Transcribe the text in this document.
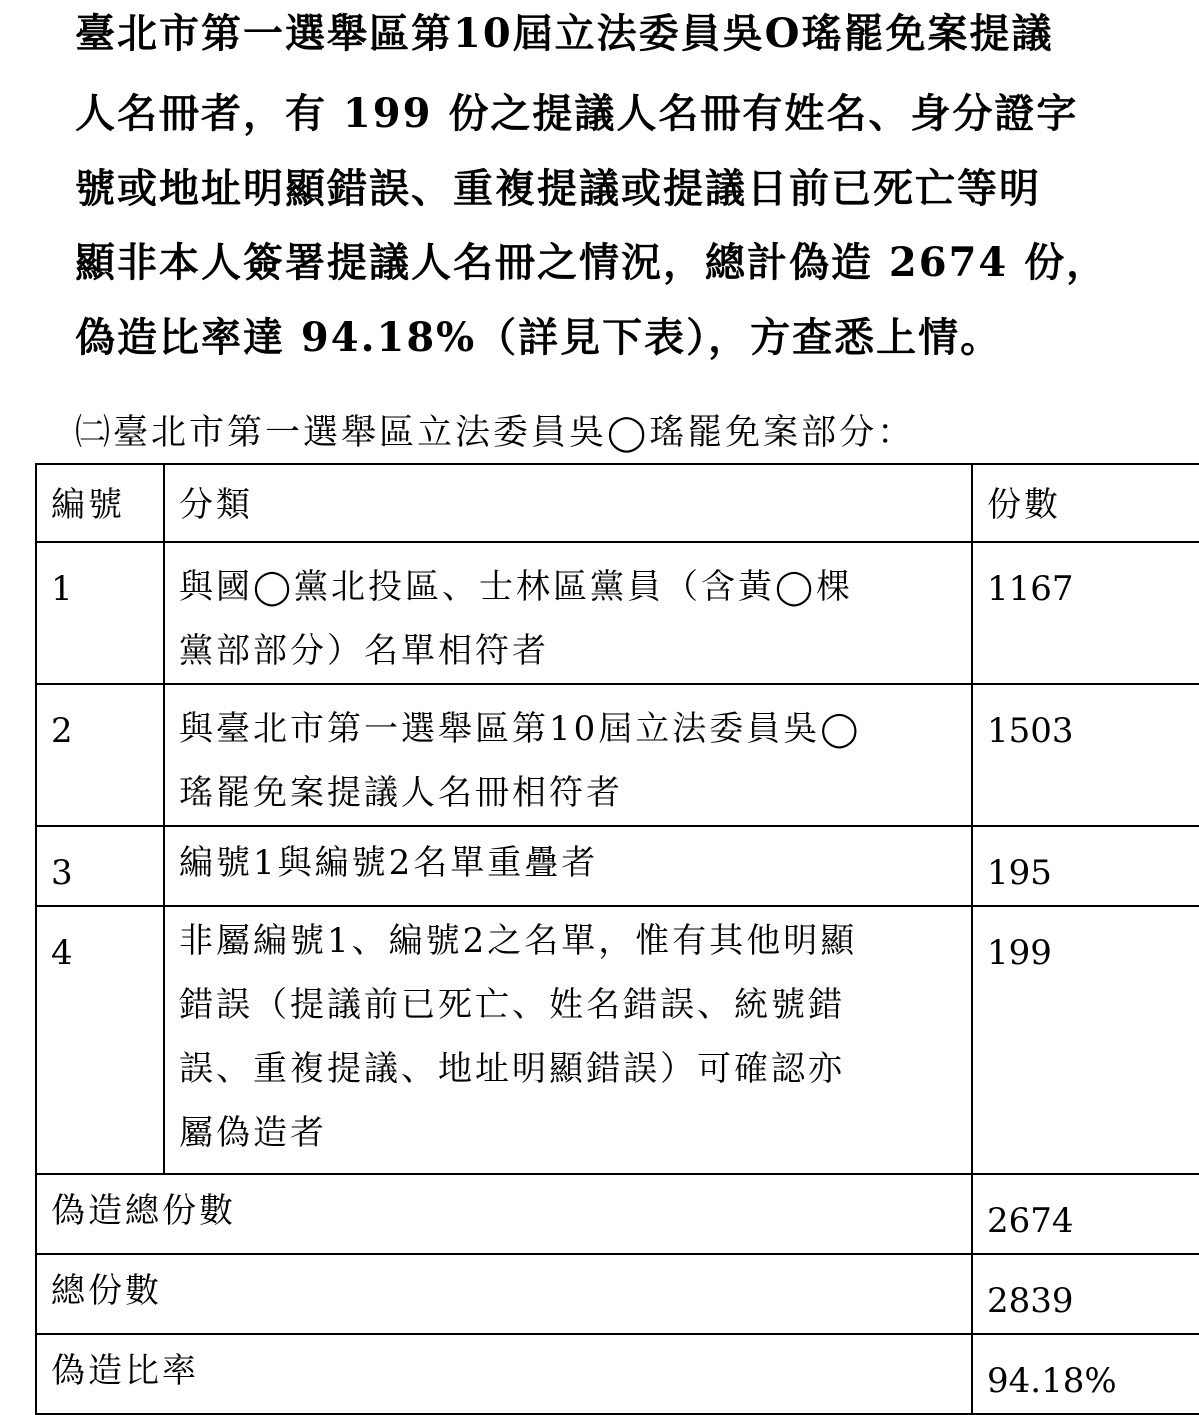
臺北市第一選舉區第10屆立法委員吳O瑤罷免案提議
人名冊者，有 199 份之提議人名冊有姓名、身分證字
號或地址明顯錯誤、重複提議或提議日前已死亡等明
顯非本人簽署提議人名冊之情況，總計偽造 2674 份，
偽造比率達 94.18%（詳見下表），方查悉上情。
㈡臺北市第一選舉區立法委員吳◯瑤罷免案部分：
編號	分類	份數
1	與國◯黨北投區、士林區黨員（含黃◯棵
黨部部分）名單相符者	1167
2	與臺北市第一選舉區第10屆立法委員吳◯
瑤罷免案提議人名冊相符者	1503
3	編號1與編號2名單重疊者	195
4	非屬編號1、編號2之名單，惟有其他明顯
錯誤（提議前已死亡、姓名錯誤、統號錯
誤、重複提議、地址明顯錯誤）可確認亦
屬偽造者	199
偽造總份數		2674
總份數		2839
偽造比率		94.18%
